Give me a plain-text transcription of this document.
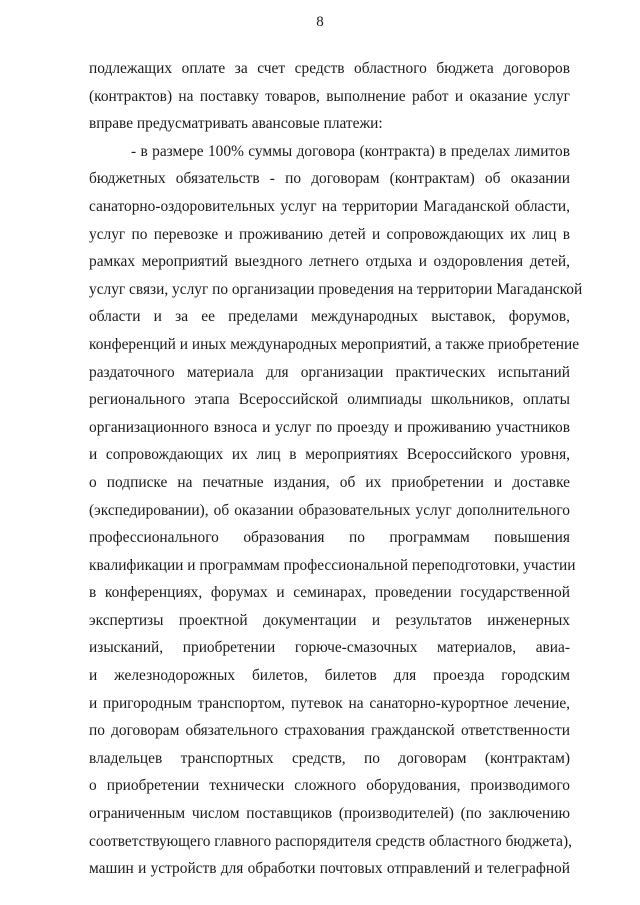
8
подлежащих оплате за счет средств областного бюджета договоров
(контрактов) на поставку товаров, выполнение работ и оказание услуг
вправе предусматривать авансовые платежи:
- в размере 100% суммы договора (контракта) в пределах лимитов
бюджетных обязательств - по договорам (контрактам) об оказании
санаторно-оздоровительных услуг на территории Магаданской области,
услуг по перевозке и проживанию детей и сопровождающих их лиц в
рамках мероприятий выездного летнего отдыха и оздоровления детей,
услуг связи, услуг по организации проведения на территории Магаданской
области и за ее пределами международных выставок, форумов,
конференций и иных международных мероприятий, а также приобретение
раздаточного материала для организации практических испытаний
регионального этапа Всероссийской олимпиады школьников, оплаты
организационного взноса и услуг по проезду и проживанию участников
и сопровождающих их лиц в мероприятиях Всероссийского уровня,
о подписке на печатные издания, об их приобретении и доставке
(экспедировании), об оказании образовательных услуг дополнительного
профессионального образования по программам повышения
квалификации и программам профессиональной переподготовки, участии
в конференциях, форумах и семинарах, проведении государственной
экспертизы проектной документации и результатов инженерных
изысканий, приобретении горюче-смазочных материалов, авиа-
и железнодорожных билетов, билетов для проезда городским
и пригородным транспортом, путевок на санаторно-курортное лечение,
по договорам обязательного страхования гражданской ответственности
владельцев транспортных средств, по договорам (контрактам)
о приобретении технически сложного оборудования, производимого
ограниченным числом поставщиков (производителей) (по заключению
соответствующего главного распорядителя средств областного бюджета),
машин и устройств для обработки почтовых отправлений и телеграфной
